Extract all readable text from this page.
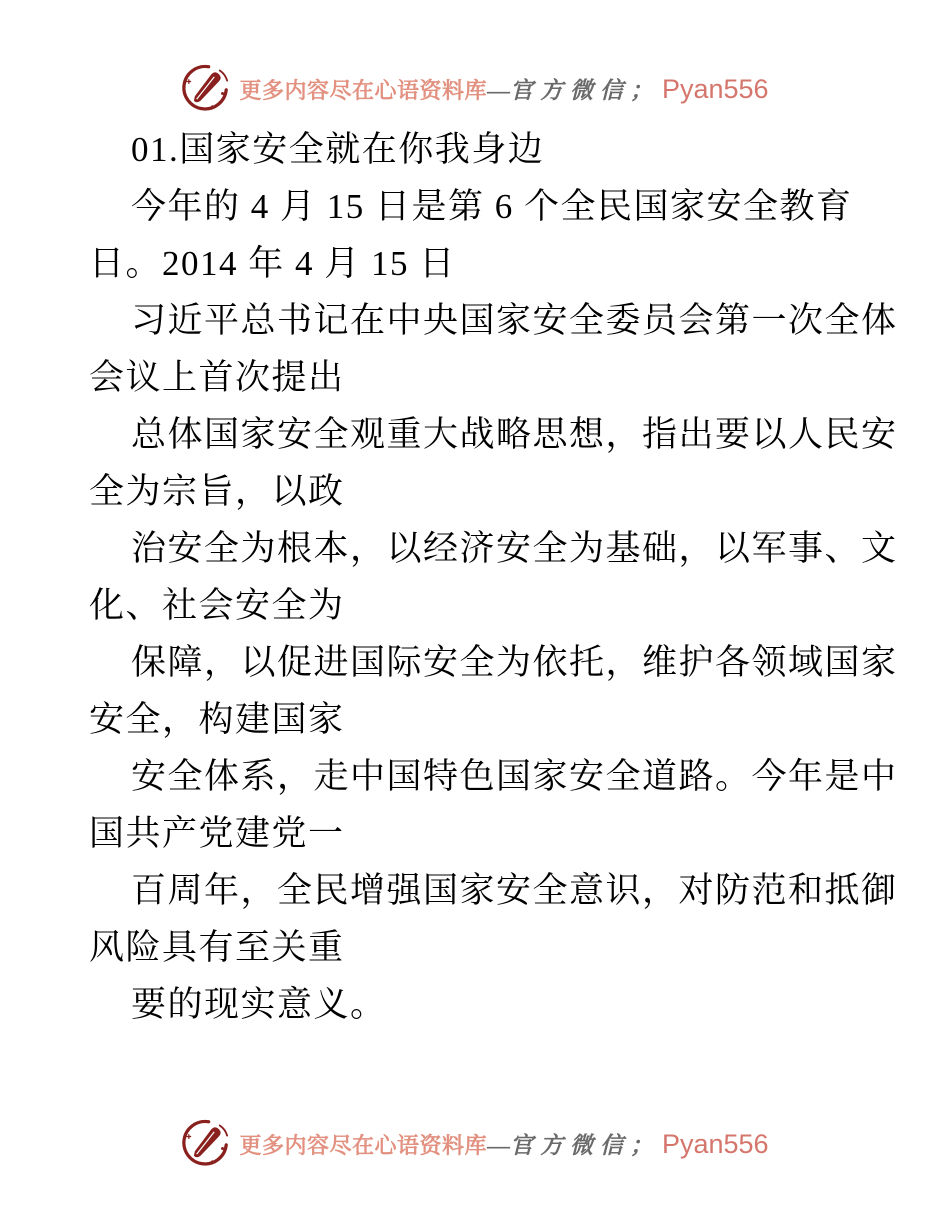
更多内容尽在心语资料库 — 官方微信； Pyan556
01.国家安全就在你我身边
今年的 4 月 15 日是第 6 个全民国家安全教育
日。2014 年 4 月 15 日
习近平总书记在中央国家安全委员会第一次全体
会议上首次提出
总体国家安全观重大战略思想，指出要以人民安
全为宗旨，以政
治安全为根本，以经济安全为基础，以军事、文
化、社会安全为
保障，以促进国际安全为依托，维护各领域国家
安全，构建国家
安全体系，走中国特色国家安全道路。今年是中
国共产党建党一
百周年，全民增强国家安全意识，对防范和抵御
风险具有至关重
要的现实意义。
更多内容尽在心语资料库 — 官方微信； Pyan556
